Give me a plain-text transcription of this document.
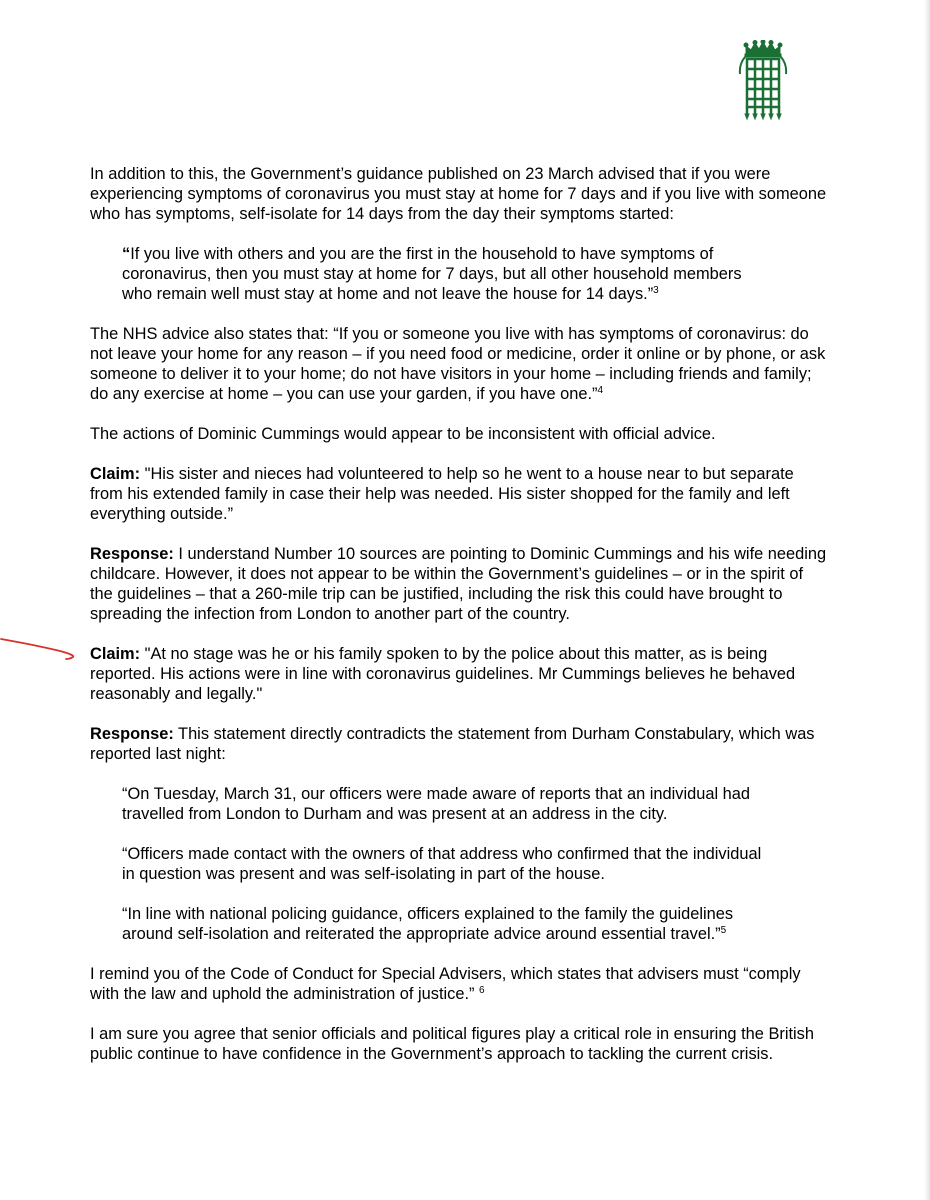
In addition to this, the Government’s guidance published on 23 March advised that if you were experiencing symptoms of coronavirus you must stay at home for 7 days and if you live with someone who has symptoms, self-isolate for 14 days from the day their symptoms started:

“If you live with others and you are the first in the household to have symptoms of coronavirus, then you must stay at home for 7 days, but all other household members who remain well must stay at home and not leave the house for 14 days.”$^3$

The NHS advice also states that: “If you or someone you live with has symptoms of coronavirus: do not leave your home for any reason – if you need food or medicine, order it online or by phone, or ask someone to deliver it to your home; do not have visitors in your home – including friends and family; do any exercise at home – you can use your garden, if you have one.”$^4$

The actions of Dominic Cummings would appear to be inconsistent with official advice.

Claim: "His sister and nieces had volunteered to help so he went to a house near to but separate from his extended family in case their help was needed. His sister shopped for the family and left everything outside.”

Response: I understand Number 10 sources are pointing to Dominic Cummings and his wife needing childcare. However, it does not appear to be within the Government’s guidelines – or in the spirit of the guidelines – that a 260-mile trip can be justified, including the risk this could have brought to spreading the infection from London to another part of the country.

Claim: "At no stage was he or his family spoken to by the police about this matter, as is being reported. His actions were in line with coronavirus guidelines. Mr Cummings believes he behaved reasonably and legally."

Response: This statement directly contradicts the statement from Durham Constabulary, which was reported last night:

“On Tuesday, March 31, our officers were made aware of reports that an individual had travelled from London to Durham and was present at an address in the city.

“Officers made contact with the owners of that address who confirmed that the individual in question was present and was self-isolating in part of the house.

“In line with national policing guidance, officers explained to the family the guidelines around self-isolation and reiterated the appropriate advice around essential travel.”$^5$

I remind you of the Code of Conduct for Special Advisers, which states that advisers must “comply with the law and uphold the administration of justice.” $^6$

I am sure you agree that senior officials and political figures play a critical role in ensuring the British public continue to have confidence in the Government’s approach to tackling the current crisis.
